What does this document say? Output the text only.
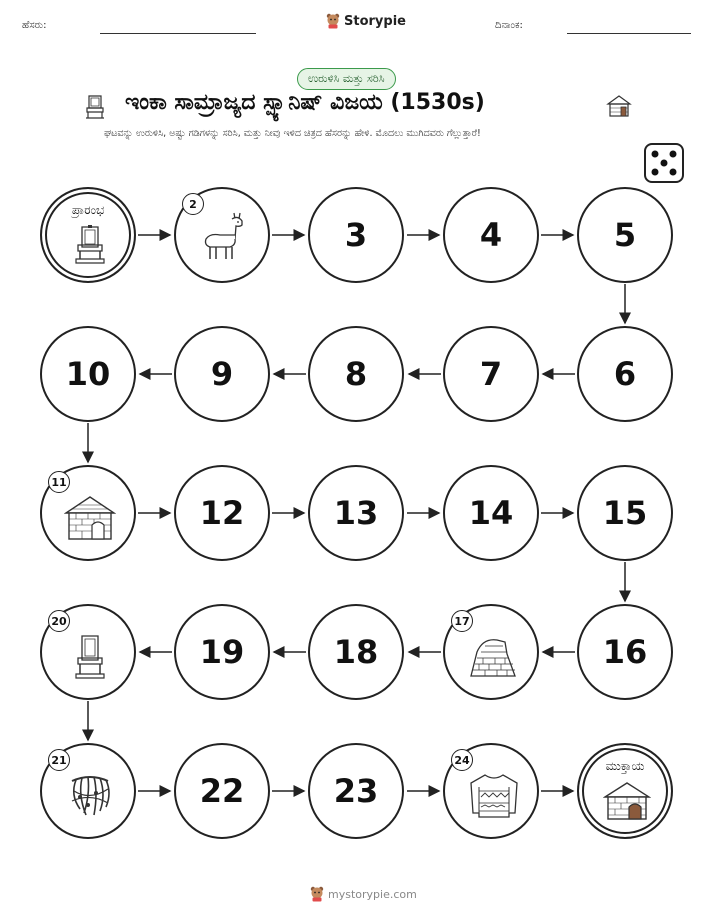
ಹೆಸರು:	Storypie	ದಿನಾಂಕ:
ಉರುಳಿಸಿ ಮತ್ತು ಸರಿಸಿ
ಇಂಕಾ ಸಾಮ್ರಾಜ್ಯದ ಸ್ಪ್ಯಾನಿಷ್ ವಿಜಯ (1530s)
ಘಟವನ್ನು ಉರುಳಿಸಿ, ಅಷ್ಟು ಗಡಿಗಳನ್ನು ಸರಿಸಿ, ಮತ್ತು ನೀವು ಇಳಿದ ಚಿತ್ರದ ಹೆಸರನ್ನು ಹೇಳಿ. ಮೊದಲು ಮುಗಿದವರು ಗೆಲ್ಲುತ್ತಾರೆ!
ಪ್ರಾರಂಭ	2
3	4	5
10	9	8	7	6
11
12	13	14	15
20
19	18
17
16
21
22	23
24	ಮುಕ್ತಾಯ
mystorypie.com
